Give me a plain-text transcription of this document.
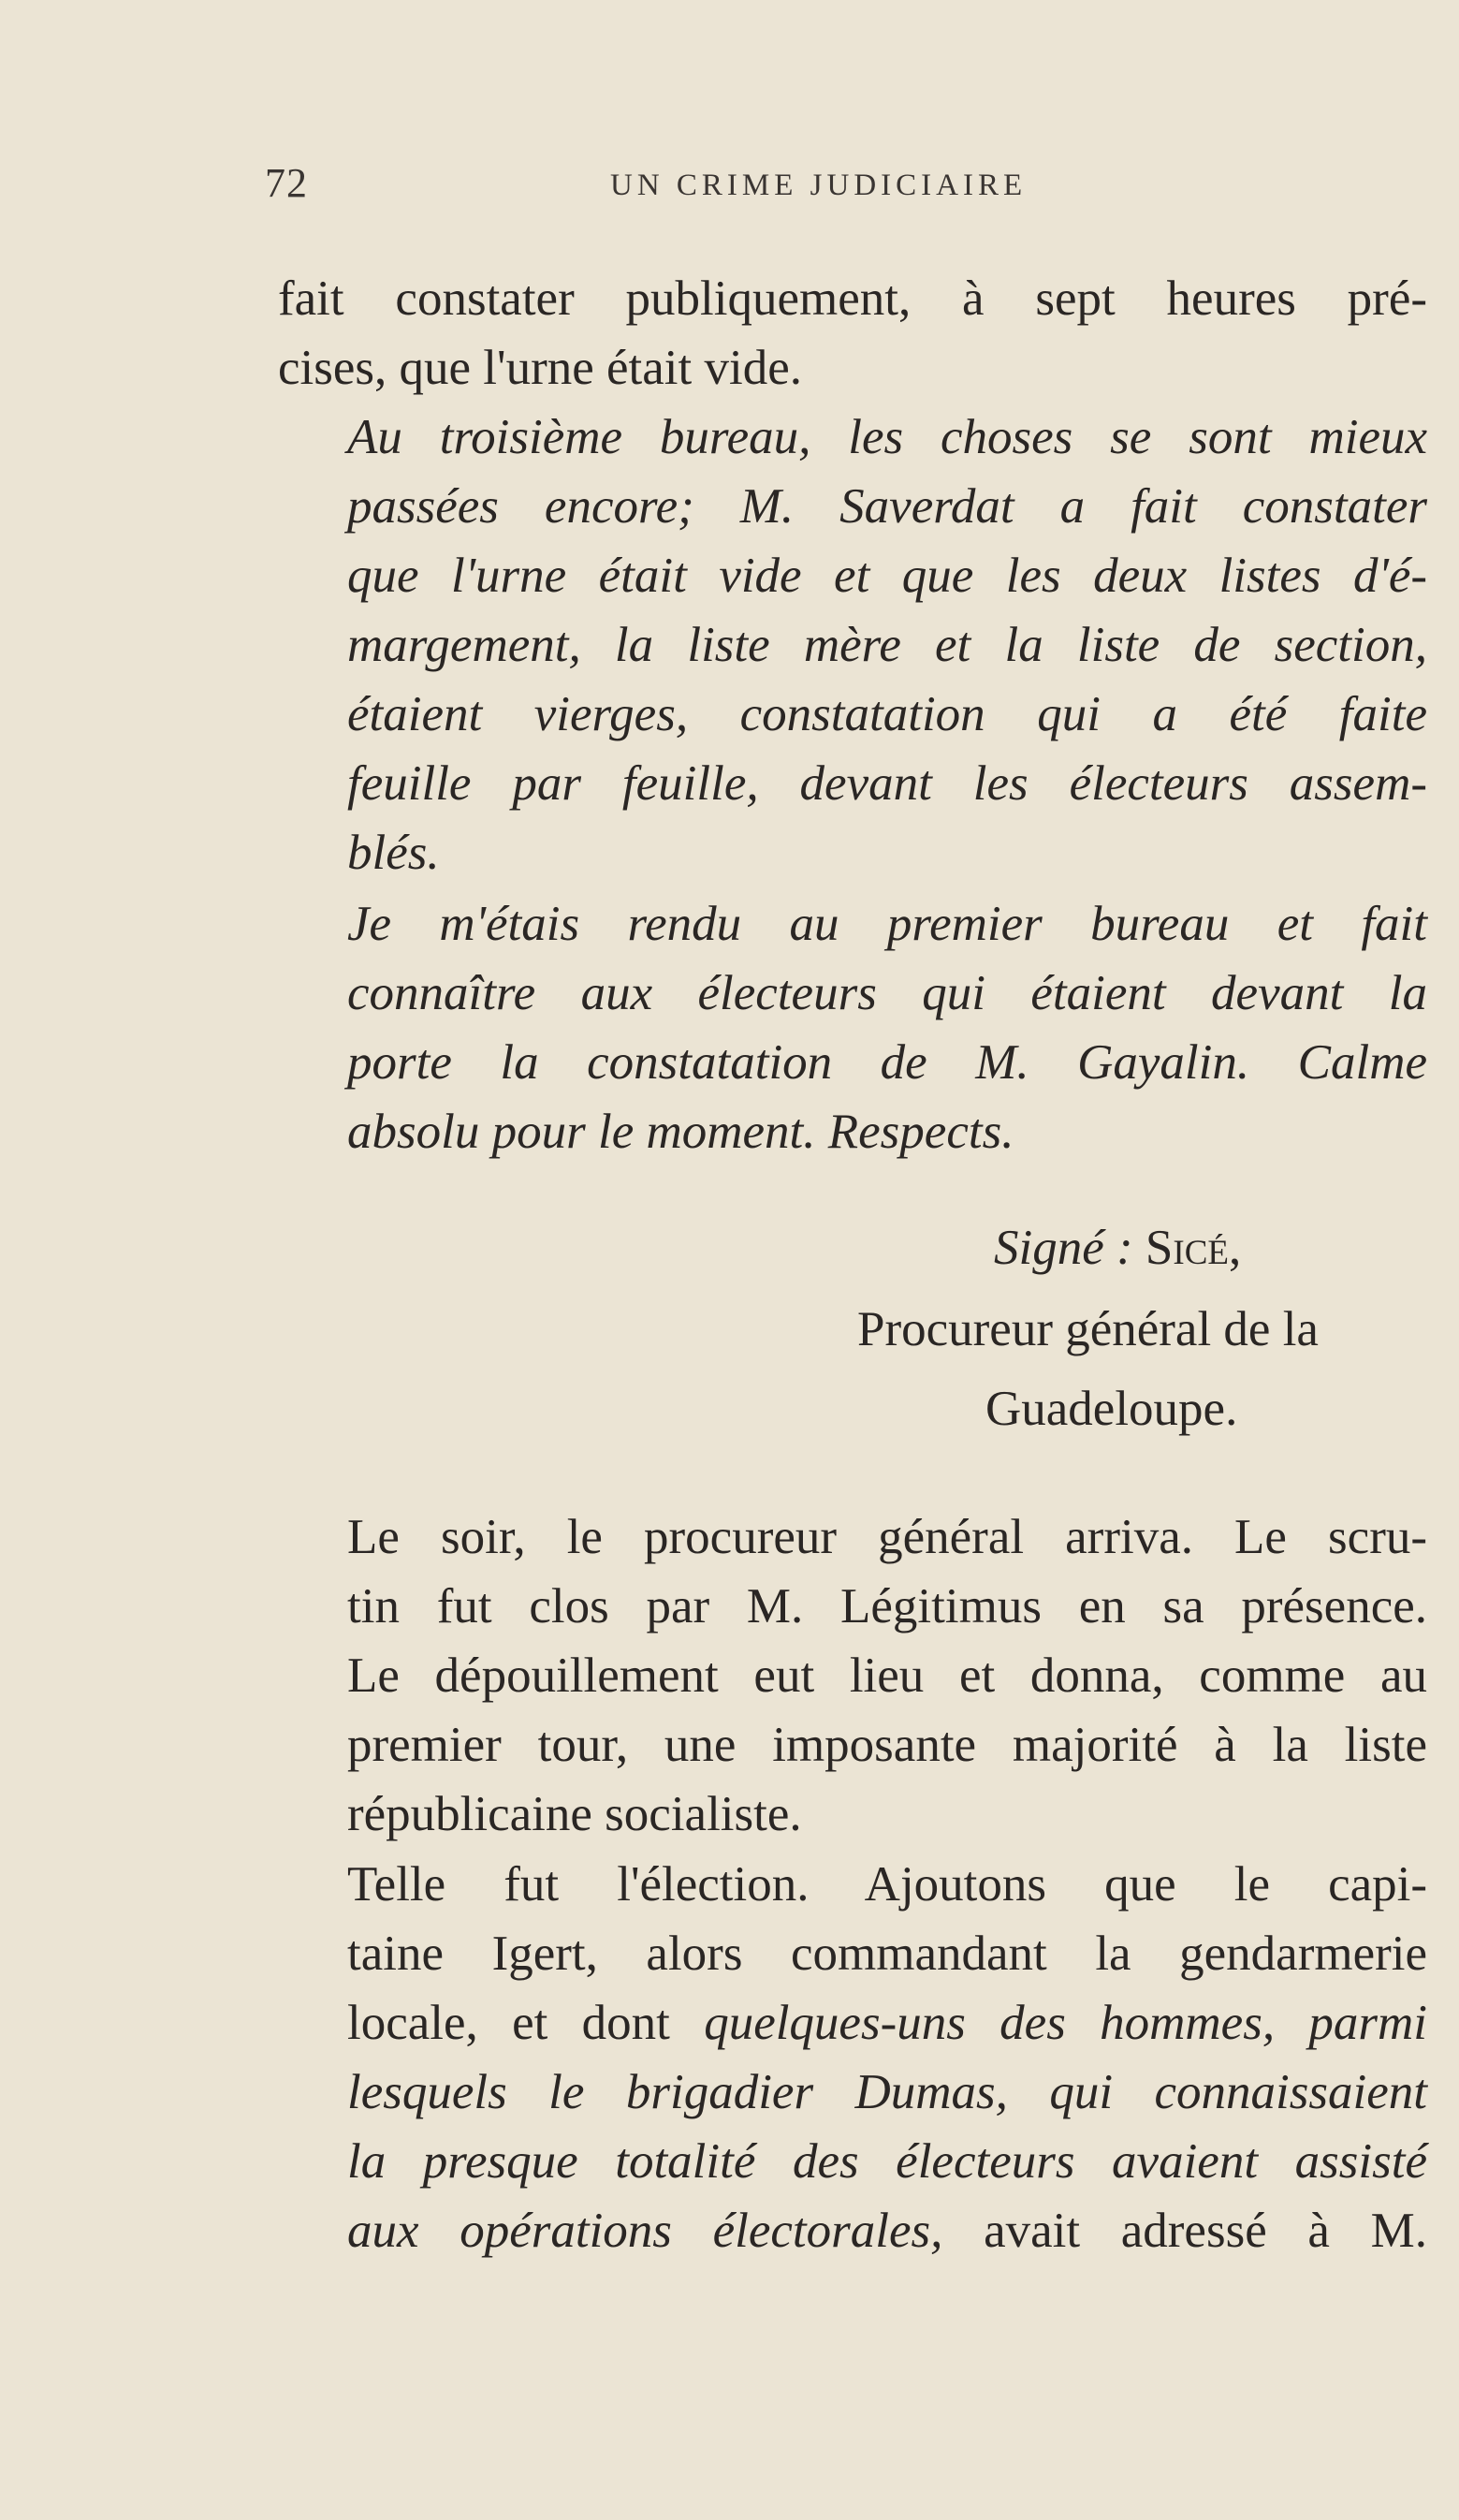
72	UN CRIME JUDICIAIRE

fait constater publiquement, à sept heures pré-
cises, que l'urne était vide.

Au troisième bureau, les choses se sont mieux
passées encore; M. Saverdat a fait constater
que l'urne était vide et que les deux listes d'é-
margement, la liste mère et la liste de section,
étaient vierges, constatation qui a été faite
feuille par feuille, devant les électeurs assem-
blés.

Je m'étais rendu au premier bureau et fait
connaître aux électeurs qui étaient devant la
porte la constatation de M. Gayalin. Calme
absolu pour le moment. Respects.

Signé : Sicé,
Procureur général de la
Guadeloupe.

Le soir, le procureur général arriva. Le scru-
tin fut clos par M. Légitimus en sa présence.
Le dépouillement eut lieu et donna, comme au
premier tour, une imposante majorité à la liste
républicaine socialiste.

Telle fut l'élection. Ajoutons que le capi-
taine Igert, alors commandant la gendarmerie
locale, et dont quelques-uns des hommes, parmi
lesquels le brigadier Dumas, qui connaissaient
la presque totalité des électeurs avaient assisté
aux opérations électorales, avait adressé à M.
